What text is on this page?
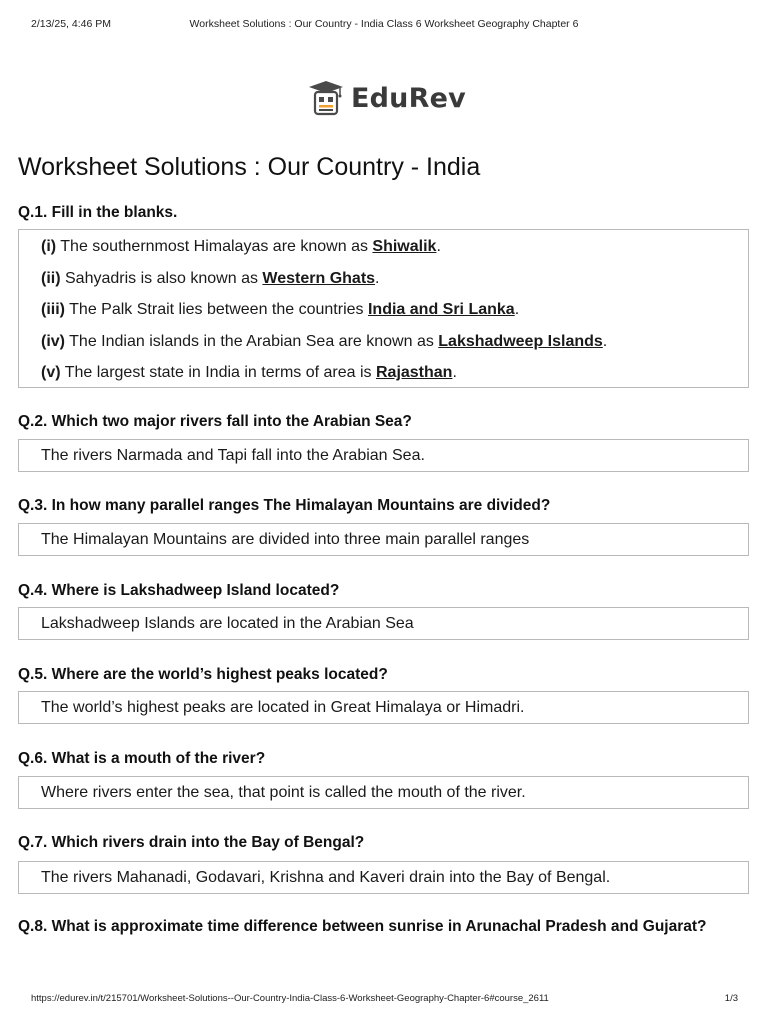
2/13/25, 4:46 PM	Worksheet Solutions : Our Country - India Class 6 Worksheet Geography Chapter 6
EduRev
Worksheet Solutions : Our Country - India

Q.1. Fill in the blanks.

(i) The southernmost Himalayas are known as Shiwalik.
(ii) Sahyadris is also known as Western Ghats.
(iii) The Palk Strait lies between the countries India and Sri Lanka.
(iv) The Indian islands in the Arabian Sea are known as Lakshadweep Islands.
(v) The largest state in India in terms of area is Rajasthan.

Q.2. Which two major rivers fall into the Arabian Sea?

The rivers Narmada and Tapi fall into the Arabian Sea.

Q.3. In how many parallel ranges The Himalayan Mountains are divided?

The Himalayan Mountains are divided into three main parallel ranges

Q.4. Where is Lakshadweep Island located?

Lakshadweep Islands are located in the Arabian Sea

Q.5. Where are the world’s highest peaks located?

The world’s highest peaks are located in Great Himalaya or Himadri.

Q.6. What is a mouth of the river?

Where rivers enter the sea, that point is called the mouth of the river.

Q.7. Which rivers drain into the Bay of Bengal?

The rivers Mahanadi, Godavari, Krishna and Kaveri drain into the Bay of Bengal.

Q.8. What is approximate time difference between sunrise in Arunachal Pradesh and Gujarat?

https://edurev.in/t/215701/Worksheet-Solutions--Our-Country-India-Class-6-Worksheet-Geography-Chapter-6#course_2611	1/3
